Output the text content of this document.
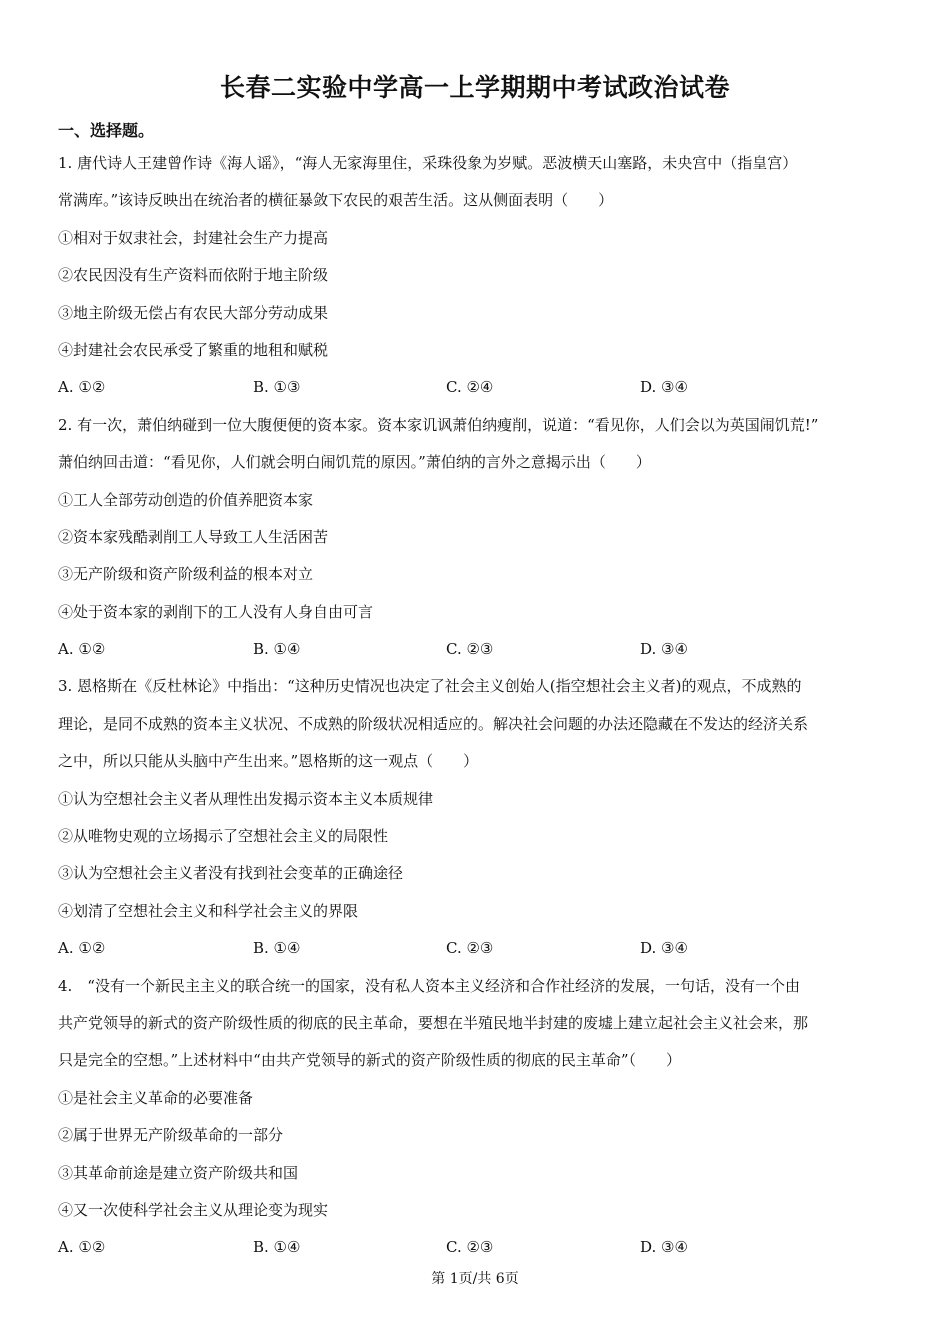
长春二实验中学高一上学期期中考试政治试卷
一、选择题。
1. 唐代诗人王建曾作诗《海人谣》，“海人无家海里住，采珠役象为岁赋。恶波横天山塞路，未央宫中（指皇宫）
常满库。”该诗反映出在统治者的横征暴敛下农民的艰苦生活。这从侧面表明（　　）
①相对于奴隶社会，封建社会生产力提高
②农民因没有生产资料而依附于地主阶级
③地主阶级无偿占有农民大部分劳动成果
④封建社会农民承受了繁重的地租和赋税
A. ①②	B. ①③	C. ②④	D. ③④
2. 有一次，萧伯纳碰到一位大腹便便的资本家。资本家讥讽萧伯纳瘦削，说道：“看见你，人们会以为英国闹饥荒!”
萧伯纳回击道：“看见你，人们就会明白闹饥荒的原因。”萧伯纳的言外之意揭示出（　　）
①工人全部劳动创造的价值养肥资本家
②资本家残酷剥削工人导致工人生活困苦
③无产阶级和资产阶级利益的根本对立
④处于资本家的剥削下的工人没有人身自由可言
A. ①②	B. ①④	C. ②③	D. ③④
3. 恩格斯在《反杜林论》中指出：“这种历史情况也决定了社会主义创始人(指空想社会主义者)的观点，不成熟的
理论，是同不成熟的资本主义状况、不成熟的阶级状况相适应的。解决社会问题的办法还隐藏在不发达的经济关系
之中，所以只能从头脑中产生出来。”恩格斯的这一观点（　　）
①认为空想社会主义者从理性出发揭示资本主义本质规律
②从唯物史观的立场揭示了空想社会主义的局限性
③认为空想社会主义者没有找到社会变革的正确途径
④划清了空想社会主义和科学社会主义的界限
A. ①②	B. ①④	C. ②③	D. ③④
4.　“没有一个新民主主义的联合统一的国家，没有私人资本主义经济和合作社经济的发展，一句话，没有一个由
共产党领导的新式的资产阶级性质的彻底的民主革命，要想在半殖民地半封建的废墟上建立起社会主义社会来，那
只是完全的空想。”上述材料中“由共产党领导的新式的资产阶级性质的彻底的民主革命”（　　）
①是社会主义革命的必要准备
②属于世界无产阶级革命的一部分
③其革命前途是建立资产阶级共和国
④又一次使科学社会主义从理论变为现实
A. ①②	B. ①④	C. ②③	D. ③④
第 1页/共 6页
